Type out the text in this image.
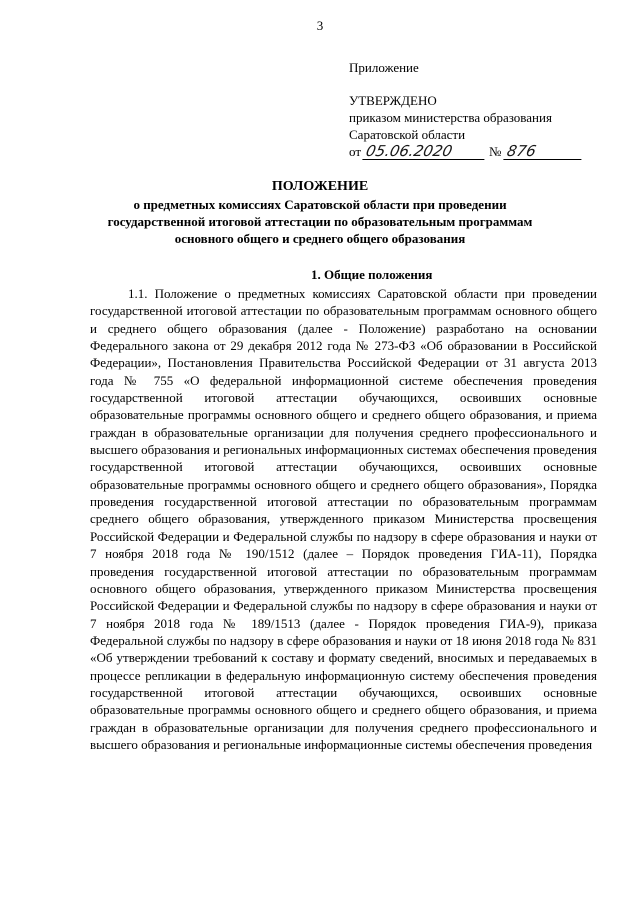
3
Приложение
УТВЕРЖДЕНО
приказом министерства образования
Саратовской области
от 05.06.2020	№ 876
ПОЛОЖЕНИЕ
о предметных комиссиях Саратовской области при проведении
государственной итоговой аттестации по образовательным программам
основного общего и среднего общего образования
1. Общие положения

1.1. Положение о предметных комиссиях Саратовской области при проведении государственной итоговой аттестации по образовательным программам основного общего и среднего общего образования (далее - Положение) разработано на основании Федерального закона от 29 декабря 2012 года № 273-ФЗ «Об образовании в Российской Федерации», Постановления Правительства Российской Федерации от 31 августа 2013 года № 755 «О федеральной информационной системе обеспечения проведения государственной итоговой аттестации обучающихся, освоивших основные образовательные программы основного общего и среднего общего образования, и приема граждан в образовательные организации для получения среднего профессионального и высшего образования и региональных информационных системах обеспечения проведения государственной итоговой аттестации обучающихся, освоивших основные образовательные программы основного общего и среднего общего образования», Порядка проведения государственной итоговой аттестации по образовательным программам среднего общего образования, утвержденного приказом Министерства просвещения Российской Федерации и Федеральной службы по надзору в сфере образования и науки от 7 ноября 2018 года № 190/1512 (далее – Порядок проведения ГИА-11), Порядка проведения государственной итоговой аттестации по образовательным программам основного общего образования, утвержденного приказом Министерства просвещения Российской Федерации и Федеральной службы по надзору в сфере образования и науки от 7 ноября 2018 года № 189/1513 (далее - Порядок проведения ГИА-9), приказа Федеральной службы по надзору в сфере образования и науки от 18 июня 2018 года № 831 «Об утверждении требований к составу и формату сведений, вносимых и передаваемых в процессе репликации в федеральную информационную систему обеспечения проведения государственной итоговой аттестации обучающихся, освоивших основные образовательные программы основного общего и среднего общего образования, и приема граждан в образовательные организации для получения среднего профессионального и высшего образования и региональные информационные системы обеспечения проведения
